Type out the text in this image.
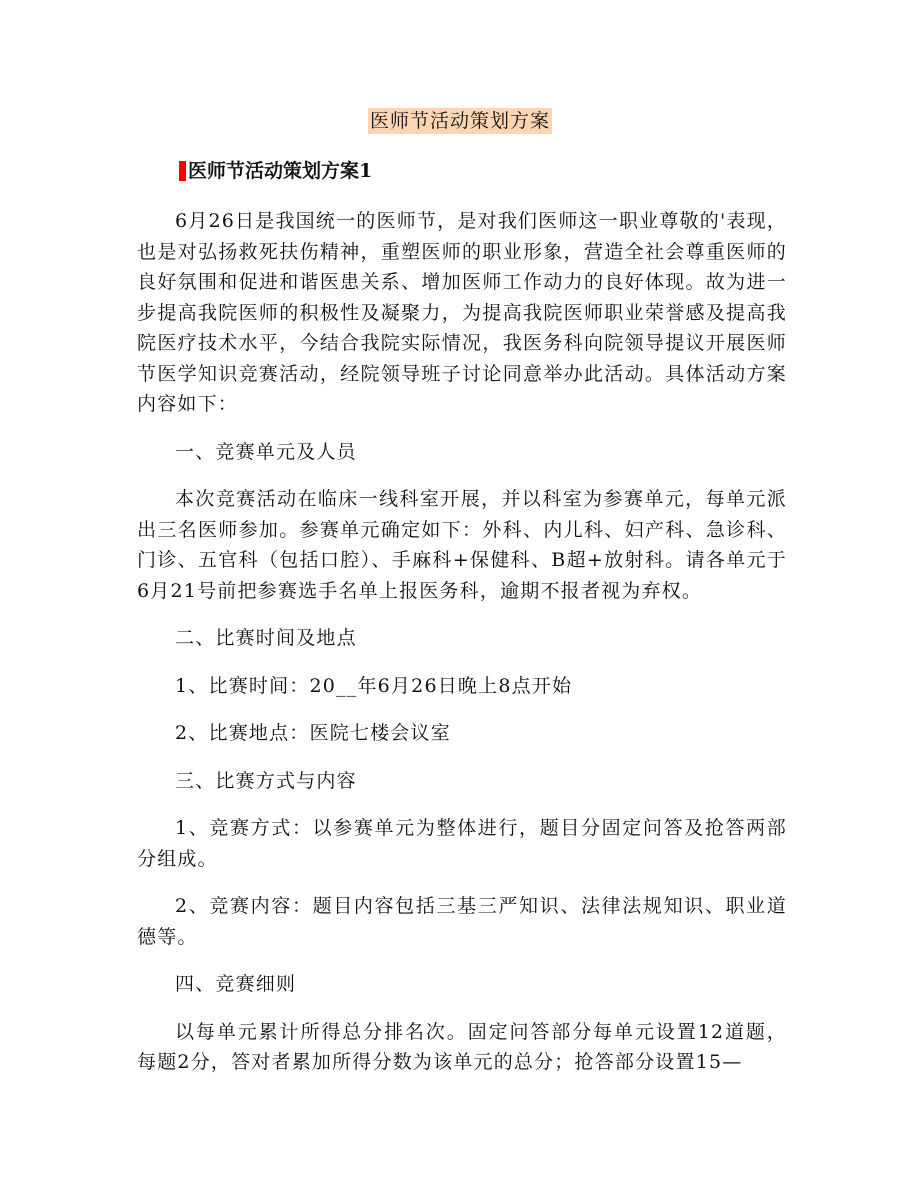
医师节活动策划方案
医师节活动策划方案1

6月26日是我国统一的医师节，是对我们医师这一职业尊敬的'表现，也是对弘扬救死扶伤精神，重塑医师的职业形象，营造全社会尊重医师的良好氛围和促进和谐医患关系、增加医师工作动力的良好体现。故为进一步提高我院医师的积极性及凝聚力，为提高我院医师职业荣誉感及提高我院医疗技术水平，今结合我院实际情况，我医务科向院领导提议开展医师节医学知识竞赛活动，经院领导班子讨论同意举办此活动。具体活动方案内容如下：

一、竞赛单元及人员

本次竞赛活动在临床一线科室开展，并以科室为参赛单元，每单元派出三名医师参加。参赛单元确定如下：外科、内儿科、妇产科、急诊科、门诊、五官科（包括口腔）、手麻科+保健科、B超+放射科。请各单元于6月21号前把参赛选手名单上报医务科，逾期不报者视为弃权。

二、比赛时间及地点

1、比赛时间：20__年6月26日晚上8点开始

2、比赛地点：医院七楼会议室

三、比赛方式与内容

1、竞赛方式：以参赛单元为整体进行，题目分固定问答及抢答两部分组成。

2、竞赛内容：题目内容包括三基三严知识、法律法规知识、职业道德等。

四、竞赛细则

以每单元累计所得总分排名次。固定问答部分每单元设置12道题，每题2分，答对者累加所得分数为该单元的总分；抢答部分设置15—
